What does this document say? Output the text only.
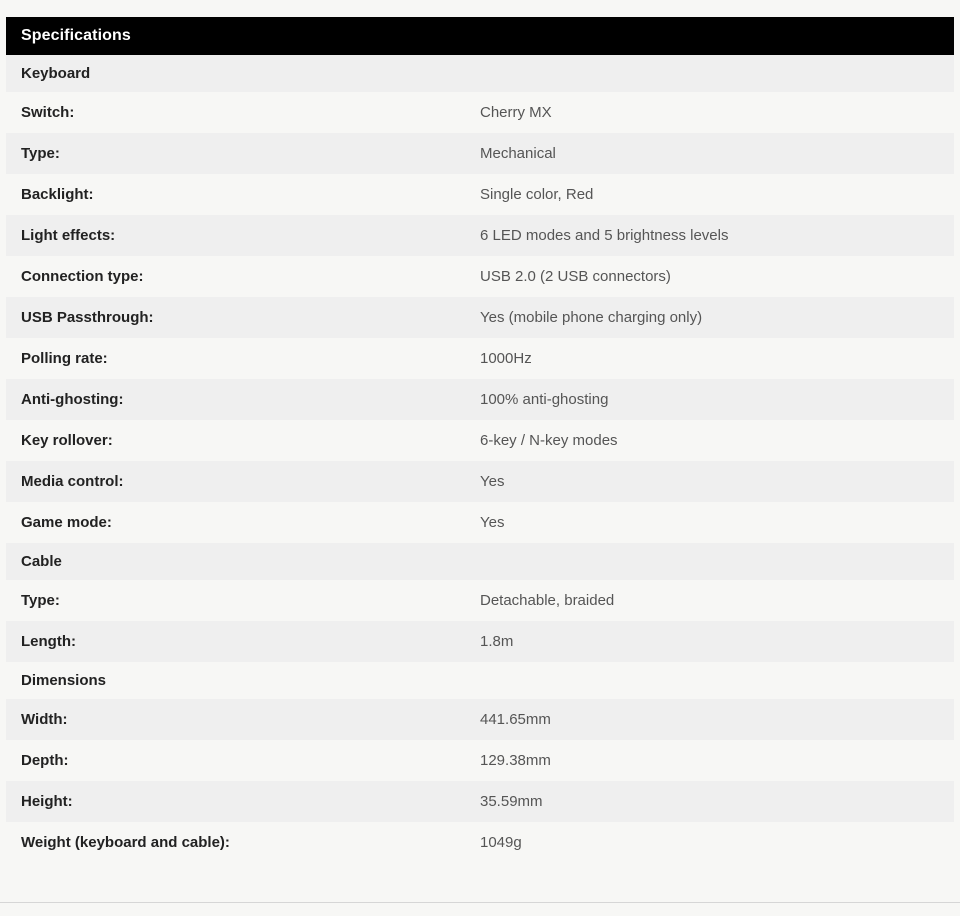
Specifications
Keyboard	
Switch:	Cherry MX
Type:	Mechanical
Backlight:	Single color, Red
Light effects:	6 LED modes and 5 brightness levels
Connection type:	USB 2.0 (2 USB connectors)
USB Passthrough:	Yes (mobile phone charging only)
Polling rate:	1000Hz
Anti-ghosting:	100% anti-ghosting
Key rollover:	6-key / N-key modes
Media control:	Yes
Game mode:	Yes
Cable	
Type:	Detachable, braided
Length:	1.8m
Dimensions	
Width:	441.65mm
Depth:	129.38mm
Height:	35.59mm
Weight (keyboard and cable):	1049g
